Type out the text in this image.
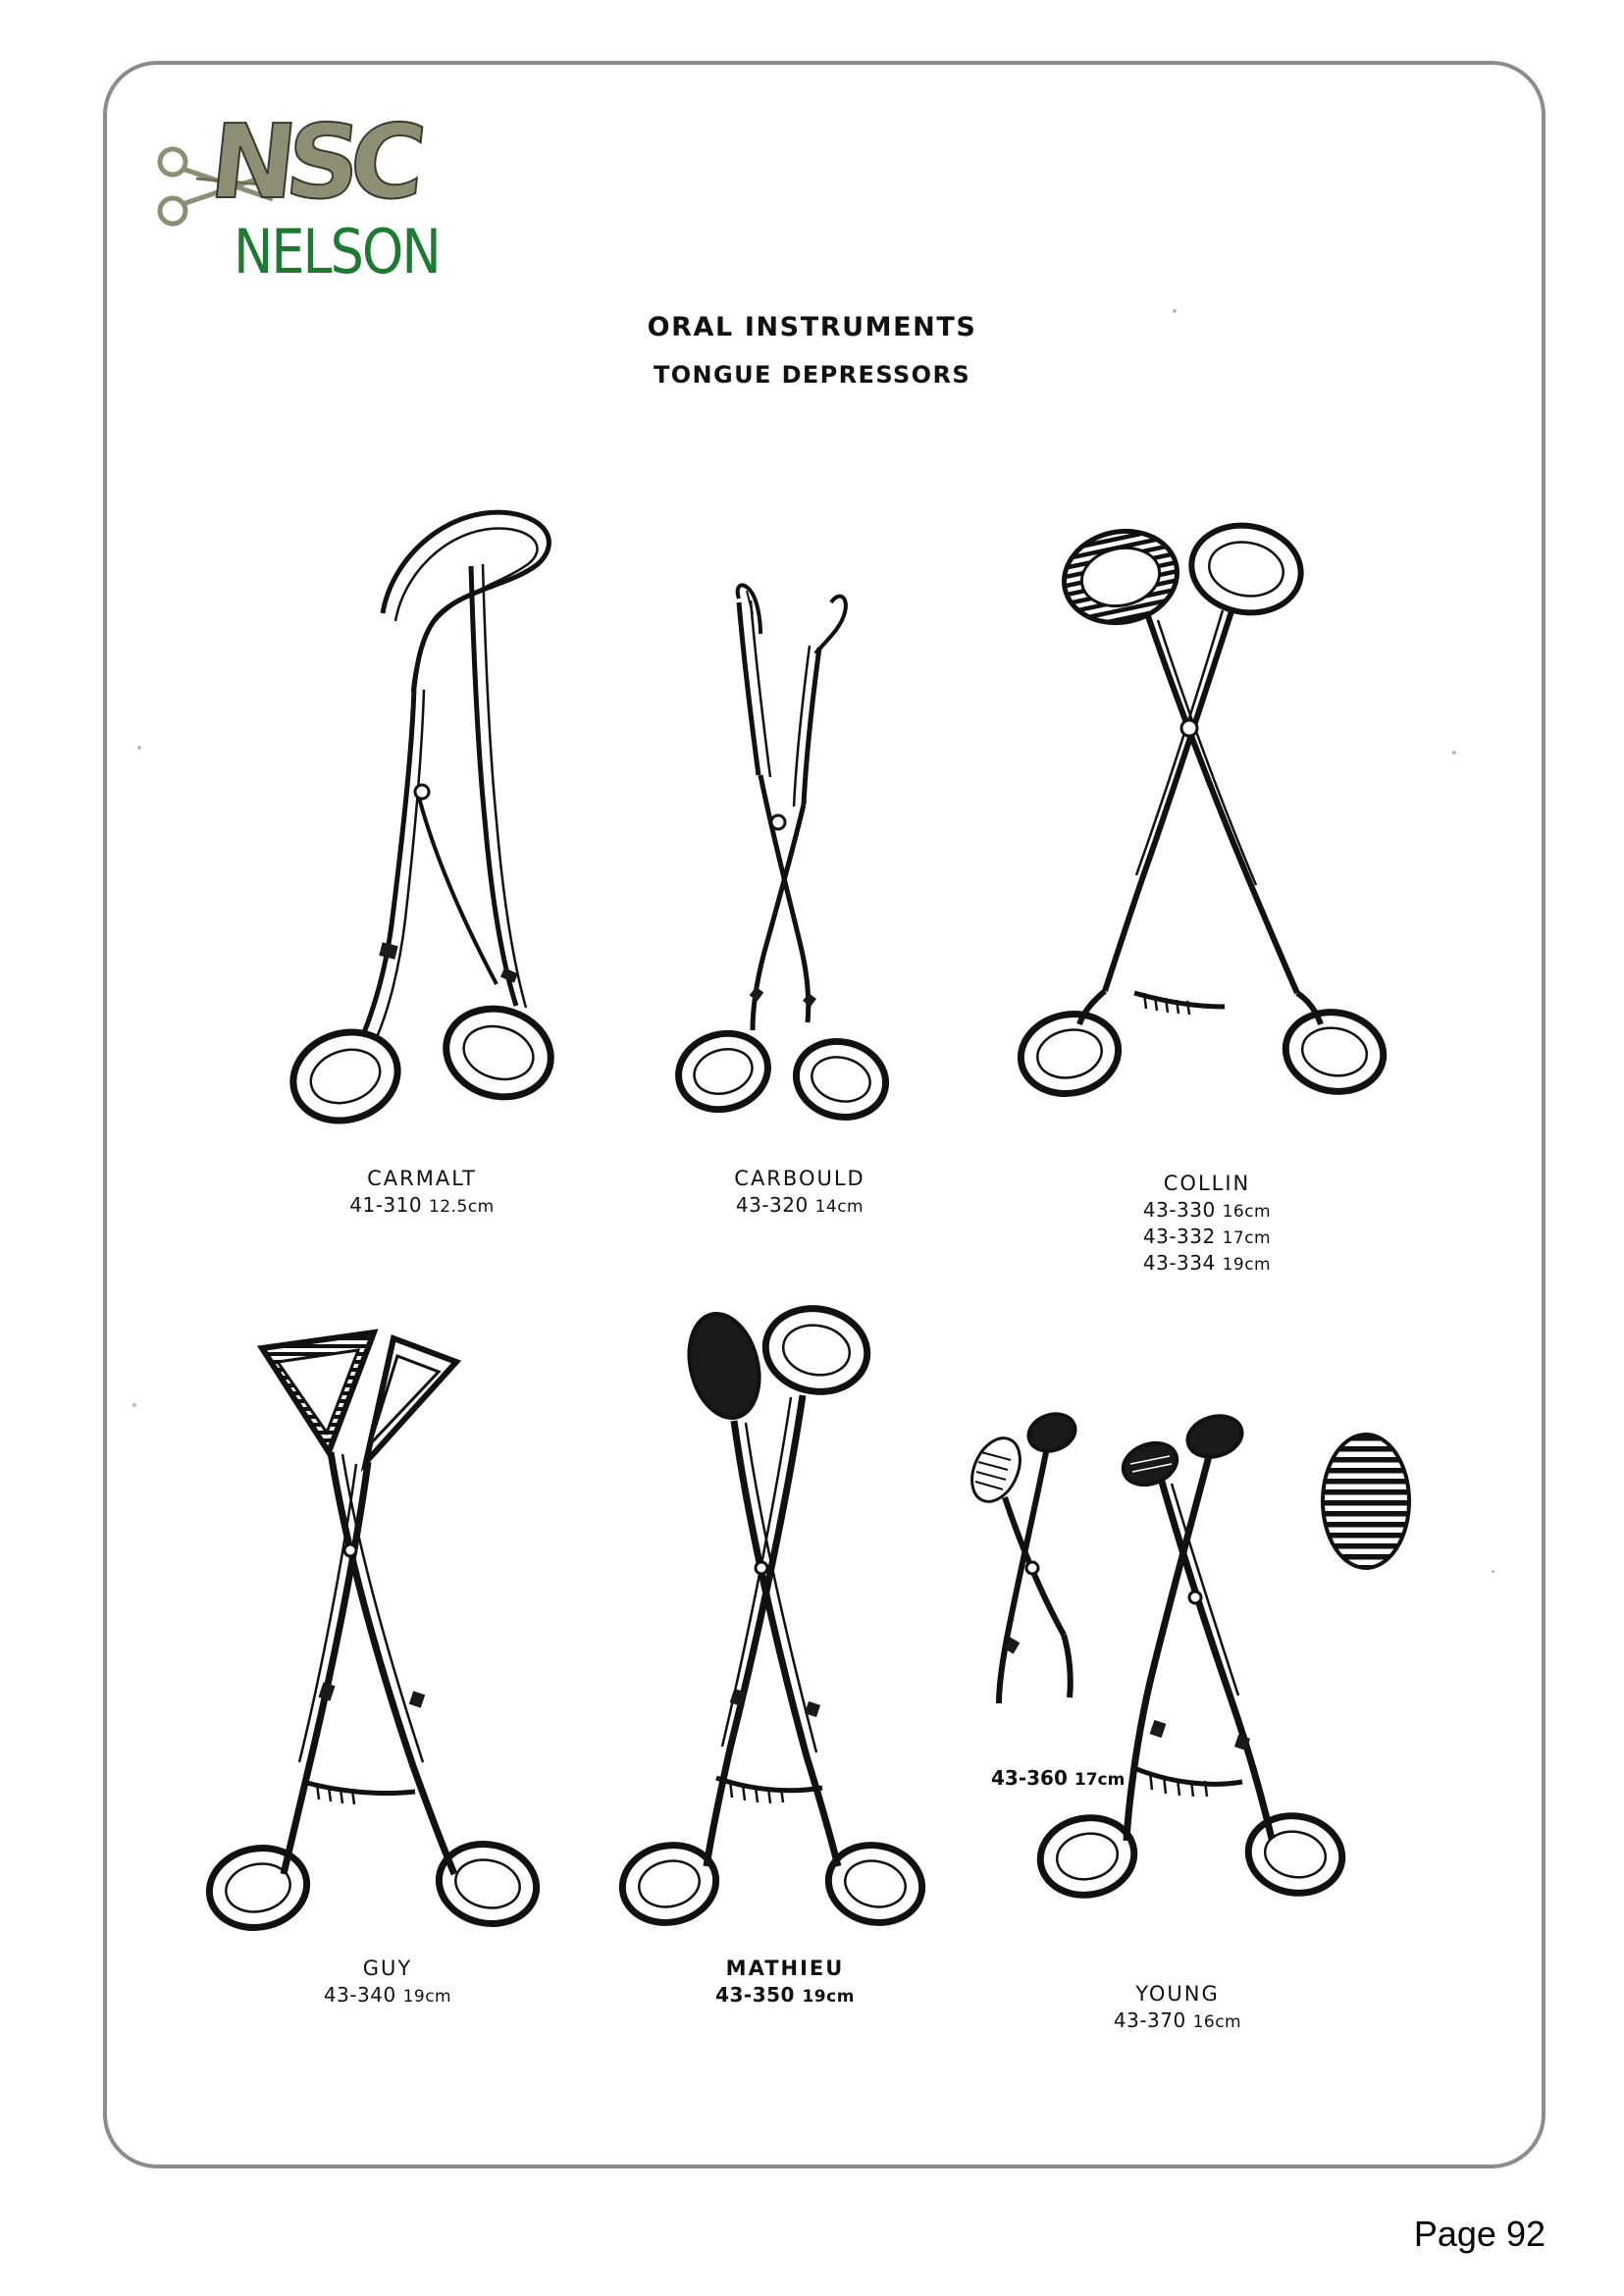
NSC
NELSON
ORAL INSTRUMENTS
TONGUE DEPRESSORS
CARMALT
41-310 12.5cm
CARBOULD
43-320 14cm
COLLIN
43-330 16cm
43-332 17cm
43-334 19cm
GUY
43-340 19cm
MATHIEU
43-350 19cm	YOUNG
43-370 16cm
43-360 17cm
Page 92
